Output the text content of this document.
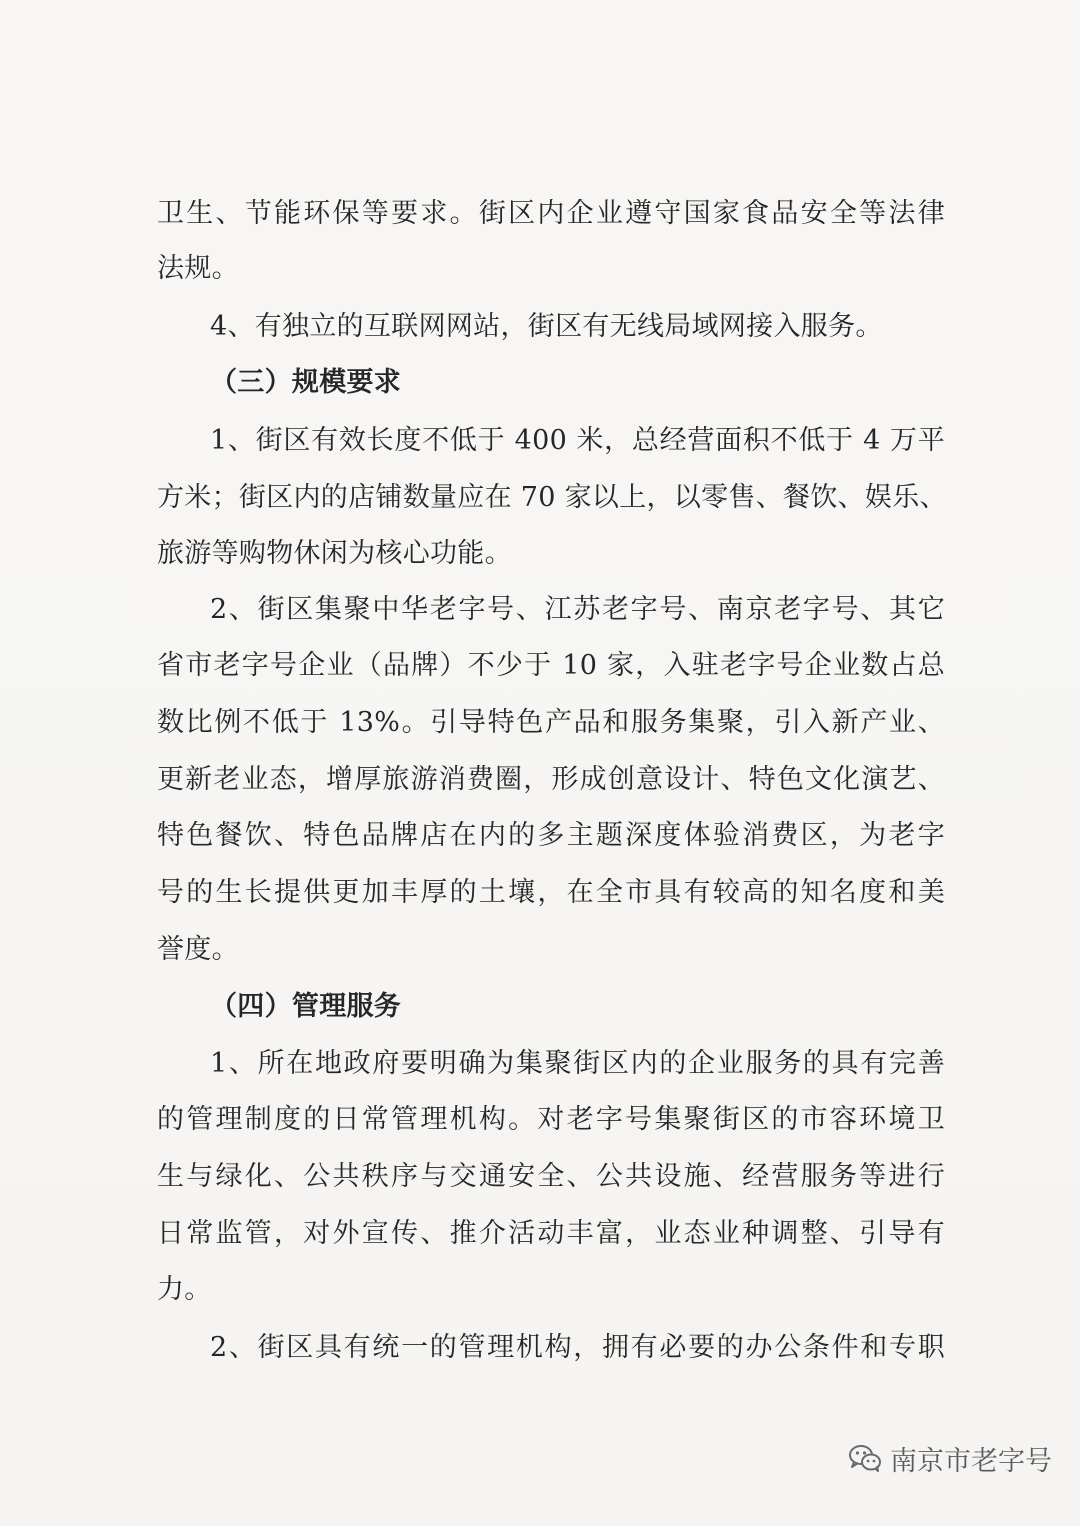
卫生、节能环保等要求。街区内企业遵守国家食品安全等法律
法规。
4、有独立的互联网网站，街区有无线局域网接入服务。
（三）规模要求
1、街区有效长度不低于 400 米，总经营面积不低于 4 万平
方米；街区内的店铺数量应在 70 家以上，以零售、餐饮、娱乐、
旅游等购物休闲为核心功能。
2、街区集聚中华老字号、江苏老字号、南京老字号、其它
省市老字号企业（品牌）不少于 10 家，入驻老字号企业数占总
数比例不低于 13%。引导特色产品和服务集聚，引入新产业、
更新老业态，增厚旅游消费圈，形成创意设计、特色文化演艺、
特色餐饮、特色品牌店在内的多主题深度体验消费区，为老字
号的生长提供更加丰厚的土壤，在全市具有较高的知名度和美
誉度。
（四）管理服务
1、所在地政府要明确为集聚街区内的企业服务的具有完善
的管理制度的日常管理机构。对老字号集聚街区的市容环境卫
生与绿化、公共秩序与交通安全、公共设施、经营服务等进行
日常监管，对外宣传、推介活动丰富，业态业种调整、引导有
力。
2、街区具有统一的管理机构，拥有必要的办公条件和专职
南京市老字号
